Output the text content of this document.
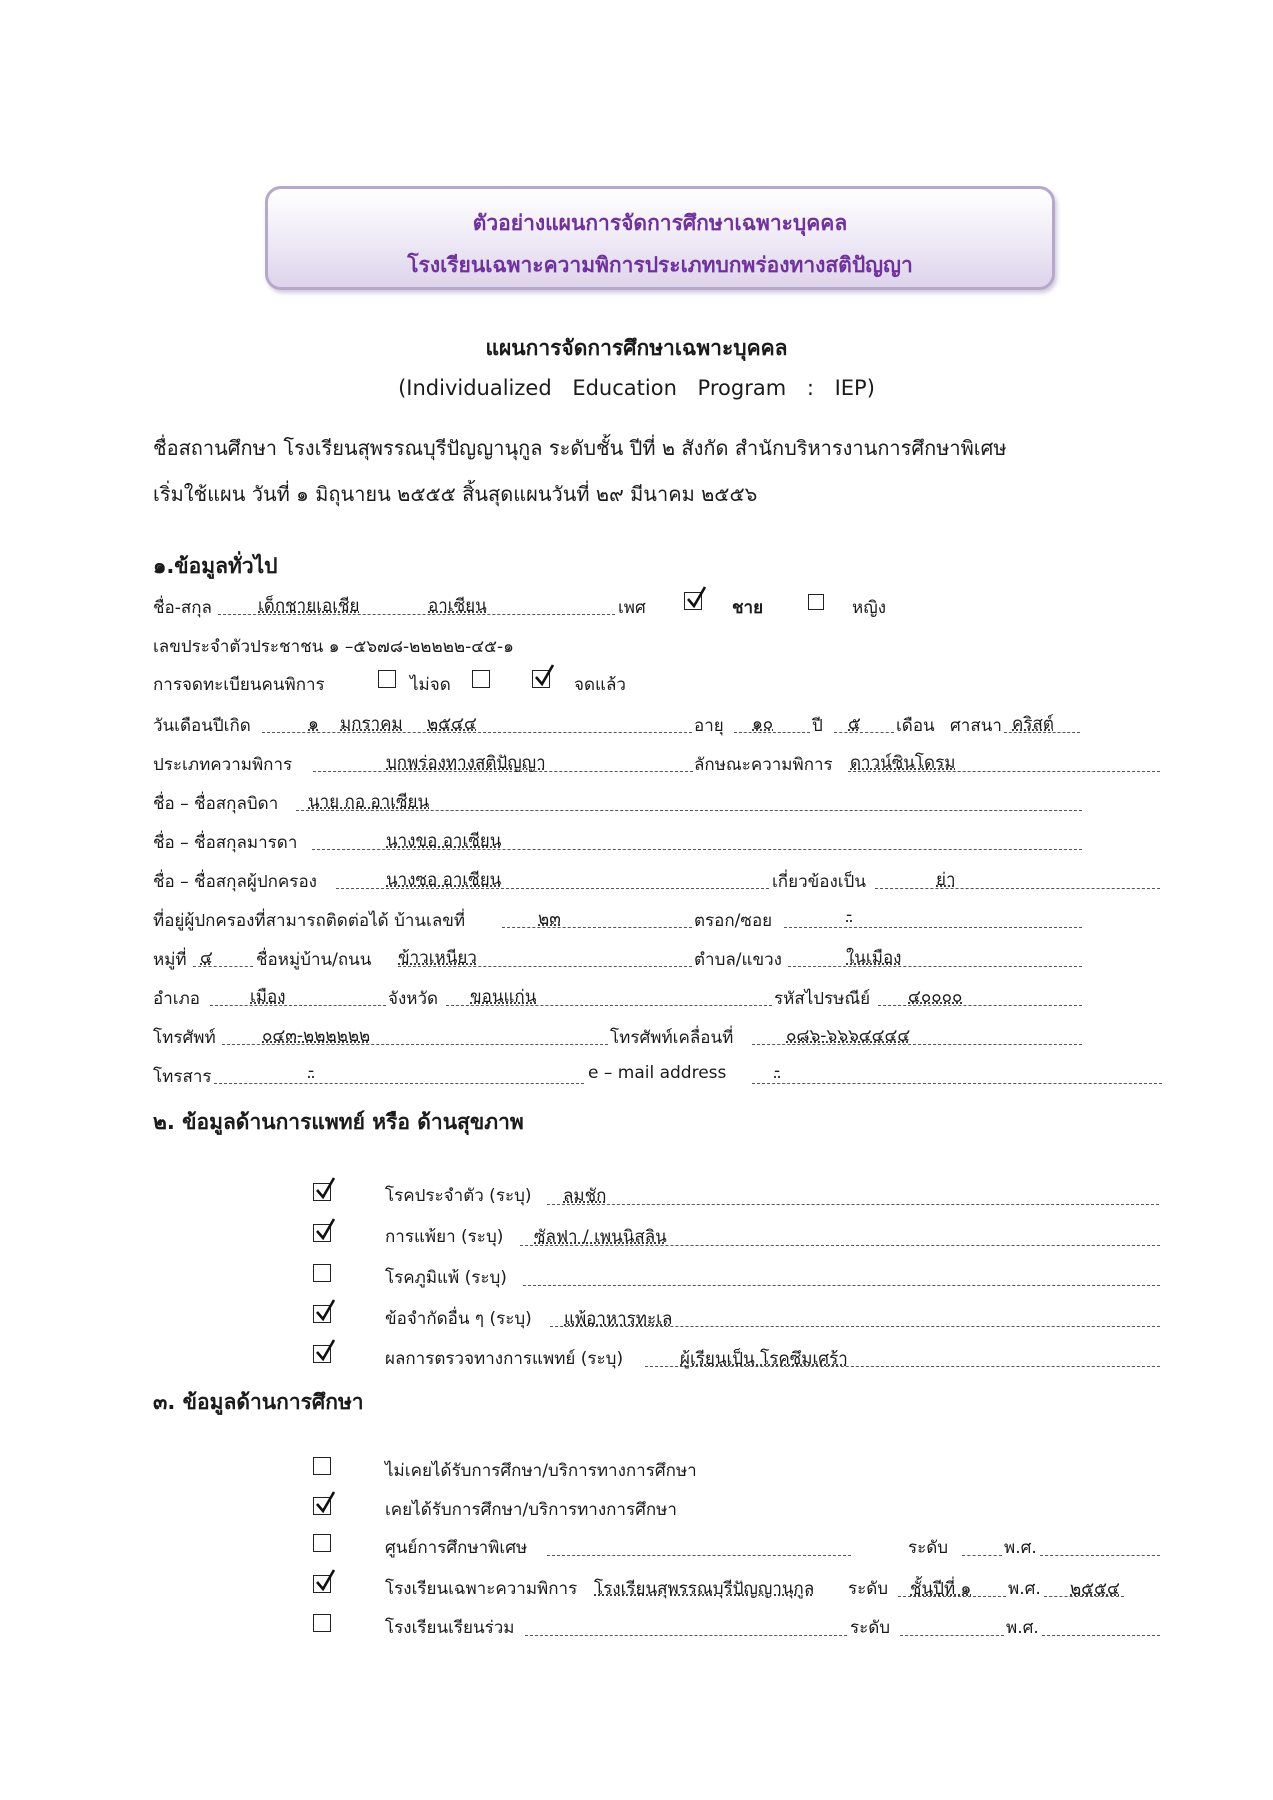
ตัวอย่างแผนการจัดการศึกษาเฉพาะบุคคล
โรงเรียนเฉพาะความพิการประเภทบกพร่องทางสติปัญญา
แผนการจัดการศึกษาเฉพาะบุคคล
(Individualized Education Program : IEP)
ชื่อสถานศึกษา โรงเรียนสุพรรณบุรีปัญญานุกูล ระดับชั้น ปีที่ ๒ สังกัด สำนักบริหารงานการศึกษาพิเศษ
เริ่มใช้แผน วันที่ ๑ มิถุนายน ๒๕๕๕ สิ้นสุดแผนวันที่ ๒๙ มีนาคม ๒๕๕๖
๑.ข้อมูลทั่วไป
ชื่อ-สกุล	เด็กชายเอเชีย	อาเซียน	เพศ	ชาย	หญิง
เลขประจำตัวประชาชน ๑ –๕๖๗๘-๒๒๒๒๒-๔๕-๑
การจดทะเบียนคนพิการ	ไม่จด	จดแล้ว
วันเดือนปีเกิด	๑ มกราคม ๒๕๔๔	อายุ ๑๐ ปี ๕ เดือน ศาสนา คริสต์
ประเภทความพิการ	บกพร่องทางสติปัญญา	ลักษณะความพิการ ดาวน์ซินโดรม
ชื่อ – ชื่อสกุลบิดา นาย กอ อาเซียน
ชื่อ – ชื่อสกุลมารดา	นางขอ อาเซียน
ชื่อ – ชื่อสกุลผู้ปกครอง	นางซอ อาเซียน	เกี่ยวข้องเป็น	ย่า
ที่อยู่ผู้ปกครองที่สามารถติดต่อได้ บ้านเลขที่	๒๓	ตรอก/ซอย	-
หมู่ที่ ๔	ชื่อหมู่บ้าน/ถนน ข้าวเหนียว	ตำบล/แขวง	ในเมือง
อำเภอ	เมือง	จังหวัด ขอนแก่น	รหัสไปรษณีย์ ๔๐๐๐๐
โทรศัพท์	๐๔๓-๒๒๒๒๒๒	โทรศัพท์เคลื่อนที่	๐๘๖-๖๖๖๔๔๔๔
โทรสาร	-	e – mail address	-
๒. ข้อมูลด้านการแพทย์ หรือ ด้านสุขภาพ
โรคประจำตัว (ระบุ) ลมชัก
การแพ้ยา (ระบุ) ซัลฟา / เพนนิสลิน
โรคภูมิแพ้ (ระบุ)
ข้อจำกัดอื่น ๆ (ระบุ) แพ้อาหารทะเล
ผลการตรวจทางการแพทย์ (ระบุ)	ผู้เรียนเป็น โรคซึมเศร้า
๓. ข้อมูลด้านการศึกษา
ไม่เคยได้รับการศึกษา/บริการทางการศึกษา
เคยได้รับการศึกษา/บริการทางการศึกษา
ศูนย์การศึกษาพิเศษ	ระดับ	พ.ศ.
โรงเรียนเฉพาะความพิการ โรงเรียนสุพรรณบุรีปัญญานุกูล ระดับ ชั้นปีที่ ๑ พ.ศ. ๒๕๕๔
โรงเรียนเรียนร่วม	ระดับ	พ.ศ.
